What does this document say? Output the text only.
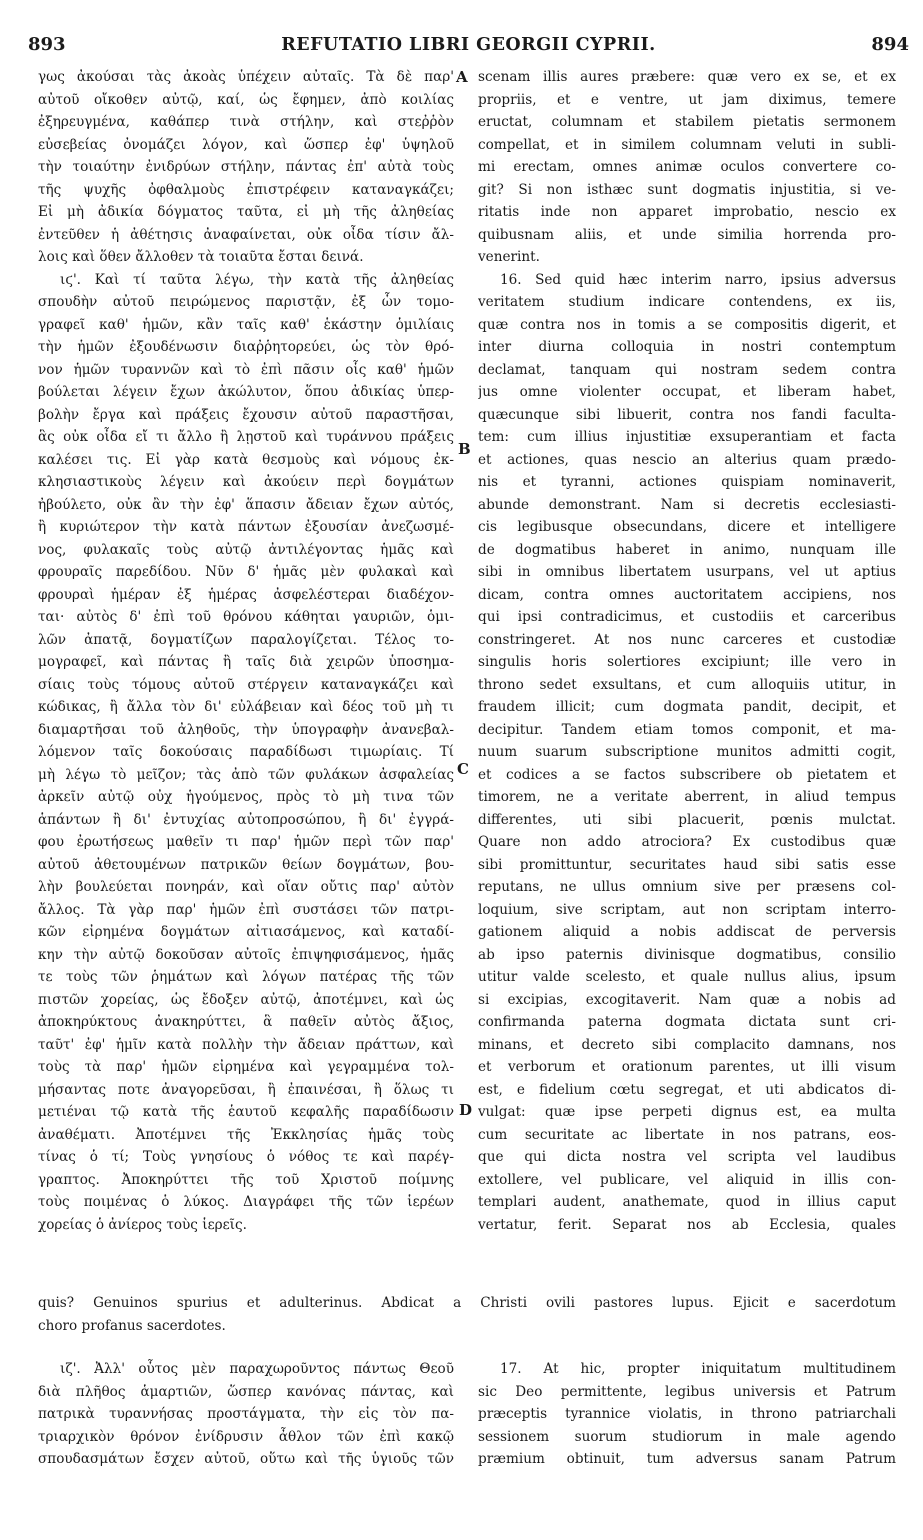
893	REFUTATIO LIBRI GEORGII CYPRII.	894
γως ἀκούσαι τὰς ἀκοὰς ὑπέχειν αὐταῖς. Τὰ δὲ παρ'
αὐτοῦ οἴκοθεν αὐτῷ, καί, ὡς ἔφημεν, ἀπὸ κοιλίας
ἐξηρευγμένα, καθάπερ τινὰ στήλην, καὶ στεῤῥὸν
εὐσεβείας ὀνομάζει λόγον, καὶ ὥσπερ ἐφ' ὑψηλοῦ
τὴν τοιαύτην ἐνιδρύων στήλην, πάντας ἐπ' αὐτὰ τοὺς
τῆς ψυχῆς ὀφθαλμοὺς ἐπιστρέφειν καταναγκάζει;
Εἰ μὴ ἀδικία δόγματος ταῦτα, εἰ μὴ τῆς ἀληθείας
ἐντεῦθεν ἡ ἀθέτησις ἀναφαίνεται, οὐκ οἶδα τίσιν ἄλ-
λοις καὶ ὅθεν ἄλλοθεν τὰ τοιαῦτα ἔσται δεινά.
ιϛ'. Καὶ τί ταῦτα λέγω, τὴν κατὰ τῆς ἀληθείας
σπουδὴν αὐτοῦ πειρώμενος παριστᾷν, ἐξ ὧν τομο-
γραφεῖ καθ' ἡμῶν, κἂν ταῖς καθ' ἑκάστην ὁμιλίαις
τὴν ἡμῶν ἐξουδένωσιν διαῤῥητορεύει, ὡς τὸν θρό-
νον ἡμῶν τυραννῶν καὶ τὸ ἐπὶ πᾶσιν οἷς καθ' ἡμῶν
βούλεται λέγειν ἔχων ἀκώλυτον, ὅπου ἀδικίας ὑπερ-
βολὴν ἔργα καὶ πράξεις ἔχουσιν αὐτοῦ παραστῆσαι,
ἃς οὐκ οἶδα εἴ τι ἄλλο ἢ λῃστοῦ καὶ τυράννου πράξεις
καλέσει τις. Εἰ γὰρ κατὰ θεσμοὺς καὶ νόμους ἐκ-
κλησιαστικοὺς λέγειν καὶ ἀκούειν περὶ δογμάτων
ἠβούλετο, οὐκ ἂν τὴν ἐφ' ἅπασιν ἄδειαν ἔχων αὐτός,
ἢ κυριώτερον τὴν κατὰ πάντων ἐξουσίαν ἀνεζωσμέ-
νος, φυλακαῖς τοὺς αὐτῷ ἀντιλέγοντας ἡμᾶς καὶ
φρουραῖς παρεδίδου. Νῦν δ' ἡμᾶς μὲν φυλακαὶ καὶ
φρουραὶ ἡμέραν ἐξ ἡμέρας ἀσφελέστεραι διαδέχον-
ται· αὐτὸς δ' ἐπὶ τοῦ θρόνου κάθηται γαυριῶν, ὁμι-
λῶν ἀπατᾷ, δογματίζων παραλογίζεται. Τέλος το-
μογραφεῖ, καὶ πάντας ἢ ταῖς διὰ χειρῶν ὑποσημα-
σίαις τοὺς τόμους αὐτοῦ στέργειν καταναγκάζει καὶ
κώδικας, ἢ ἄλλα τὸν δι' εὐλάβειαν καὶ δέος τοῦ μὴ τι
διαμαρτῆσαι τοῦ ἀληθοῦς, τὴν ὑπογραφὴν ἀνανεβαλ-
λόμενον ταῖς δοκούσαις παραδίδωσι τιμωρίαις. Τί
μὴ λέγω τὸ μεῖζον; τὰς ἀπὸ τῶν φυλάκων ἀσφαλείας
ἀρκεῖν αὐτῷ οὐχ ἡγούμενος, πρὸς τὸ μὴ τινα τῶν
ἁπάντων ἢ δι' ἐντυχίας αὐτοπροσώπου, ἢ δι' ἐγγρά-
φου ἐρωτήσεως μαθεῖν τι παρ' ἡμῶν περὶ τῶν παρ'
αὐτοῦ ἀθετουμένων πατρικῶν θείων δογμάτων, βου-
λὴν βουλεύεται πονηράν, καὶ οἵαν οὔτις παρ' αὐτὸν
ἄλλος. Τὰ γὰρ παρ' ἡμῶν ἐπὶ συστάσει τῶν πατρι-
κῶν εἰρημένα δογμάτων αἰτιασάμενος, καὶ καταδί-
κην τὴν αὐτῷ δοκοῦσαν αὐτοῖς ἐπιψηφισάμενος, ἡμᾶς
τε τοὺς τῶν ῥημάτων καὶ λόγων πατέρας τῆς τῶν
πιστῶν χορείας, ὡς ἔδοξεν αὐτῷ, ἀποτέμνει, καὶ ὡς
ἀποκηρύκτους ἀνακηρύττει, ἃ παθεῖν αὐτὸς ἄξιος,
ταῦτ' ἐφ' ἡμῖν κατὰ πολλὴν τὴν ἄδειαν πράττων, καὶ
τοὺς τὰ παρ' ἡμῶν εἰρημένα καὶ γεγραμμένα τολ-
μήσαντας ποτε ἀναγορεῦσαι, ἢ ἐπαινέσαι, ἢ ὅλως τι
μετιέναι τῷ κατὰ τῆς ἑαυτοῦ κεφαλῆς παραδίδωσιν
ἀναθέματι. Ἀποτέμνει τῆς Ἐκκλησίας ἡμᾶς τοὺς
τίνας ὁ τί; Τοὺς γνησίους ὁ νόθος τε καὶ παρέγ-
γραπτος. Ἀποκηρύττει τῆς τοῦ Χριστοῦ ποίμνης
τοὺς ποιμένας ὁ λύκος. Διαγράφει τῆς τῶν ἱερέων
χορείας ὁ ἀνίερος τοὺς ἱερεῖς.
scenam illis aures præbere: quæ vero ex se, et ex
propriis, et e ventre, ut jam diximus, temere
eructat, columnam et stabilem pietatis sermonem
compellat, et in similem columnam veluti in subli-
mi erectam, omnes animæ oculos convertere co-
git? Si non isthæc sunt dogmatis injustitia, si ve-
ritatis inde non apparet improbatio, nescio ex
quibusnam aliis, et unde similia horrenda pro-
venerint.
16. Sed quid hæc interim narro, ipsius adversus
veritatem studium indicare contendens, ex iis,
quæ contra nos in tomis a se compositis digerit, et
inter diurna colloquia in nostri contemptum
declamat, tanquam qui nostram sedem contra
jus omne violenter occupat, et liberam habet,
quæcunque sibi libuerit, contra nos fandi facultа-
tem: cum illius injustitiæ exsuperantiam et facta
et actiones, quas nescio an alterius quam prædo-
nis et tyranni, actiones quispiam nominaverit,
abunde demonstrant. Nam si decretis ecclesiasti-
cis legibusque obsecundans, dicere et intelligere
de dogmatibus haberet in animo, nunquam ille
sibi in omnibus libertatem usurpans, vel ut aptius
dicam, contra omnes auctoritatem accipiens, nos
qui ipsi contradicimus, et custodiis et carceribus
constringeret. At nos nunc carceres et custodiæ
singulis horis solertiores excipiunt; ille vero in
throno sedet exsultans, et cum alloquiis utitur, in
fraudem illicit; cum dogmata pandit, decipit, et
decipitur. Tandem etiam tomos componit, et ma-
nuum suarum subscriptione munitos admitti cogit,
et codices a se factos subscribere ob pietatem et
timorem, ne a veritate aberrent, in aliud tempus
differentes, uti sibi placuerit, pœnis mulctat.
Quare non addo atrociora? Ex custodibus quæ
sibi promittuntur, securitates haud sibi satis esse
reputans, ne ullus omnium sive per præsens col-
loquium, sive scriptam, aut non scriptam interro-
gationem aliquid a nobis addiscat de perversis
ab ipso paternis divinisque dogmatibus, consilio
utitur valde scelesto, et quale nullus alius, ipsum
si excipias, excogitaverit. Nam quæ a nobis ad
confirmanda paterna dogmata dictata sunt cri-
minans, et decreto sibi complacito damnans, nos
et verborum et orationum parentes, ut illi visum
est, e fidelium cœtu segregat, et uti abdicatos di-
vulgat: quæ ipse perpeti dignus est, ea multa
cum securitate ac libertate in nos patrans, eos-
que qui dicta nostra vel scripta vel laudibus
extollere, vel publicare, vel aliquid in illis con-
templari audent, anathemate, quod in illius caput
vertatur, ferit. Separat nos ab Ecclesia, quales
A
B
C
D
quis? Genuinos spurius et adulterinus. Abdicat a Christi ovili pastores lupus. Ejicit e sacerdotum
choro profanus sacerdotes.
ιζ'. Ἀλλ' οὗτος μὲν παραχωροῦντος πάντως Θεοῦ
διὰ πλῆθος ἁμαρτιῶν, ὥσπερ κανόνας πάντας, καὶ
πατρικὰ τυραννήσας προστάγματα, τὴν εἰς τὸν πα-
τριαρχικὸν θρόνον ἐνίδρυσιν ἆθλον τῶν ἐπὶ κακῷ
σπουδασμάτων ἔσχεν αὐτοῦ, οὕτω καὶ τῆς ὑγιοῦς τῶν
17. At hic, propter iniquitatum multitudinem
sic Deo permittente, legibus universis et Patrum
præceptis tyrannice violatis, in throno patriarchali
sessionem suorum studiorum in male agendo
præmium obtinuit, tum adversus sanam Patrum
